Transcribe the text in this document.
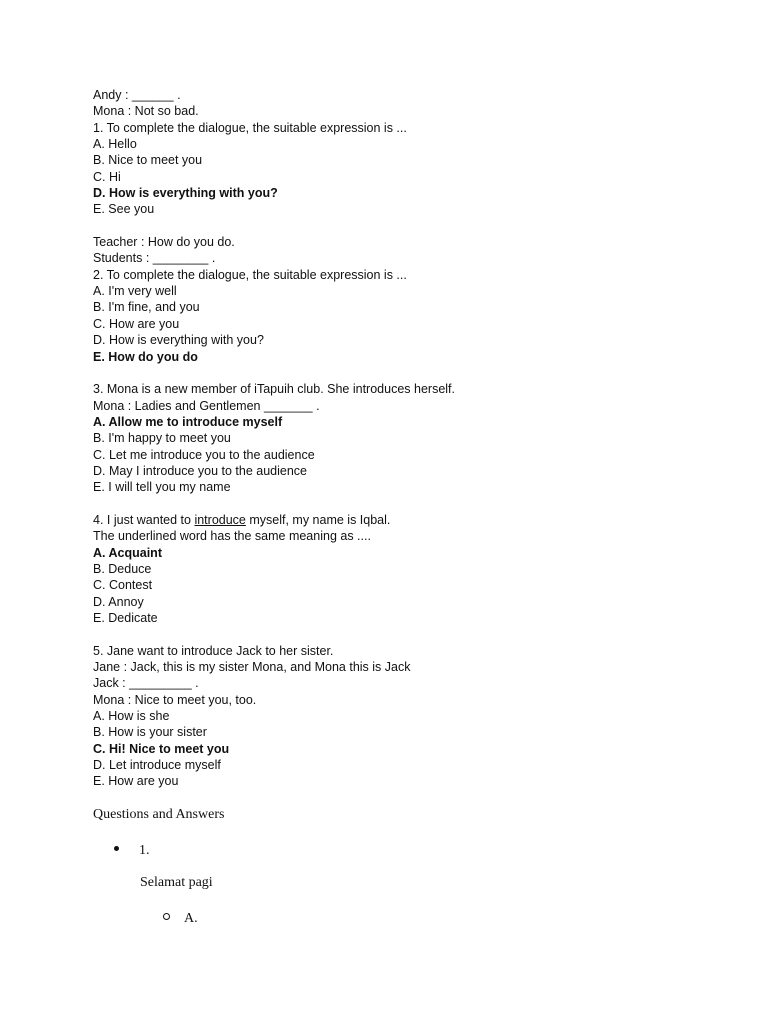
Andy : ______ .
Mona : Not so bad.
1. To complete the dialogue, the suitable expression is ...
A. Hello
B. Nice to meet you
C. Hi
D. How is everything with you?
E. See you
Teacher : How do you do.
Students : ________ .
2. To complete the dialogue, the suitable expression is ...
A. I'm very well
B. I'm fine, and you
C. How are you
D. How is everything with you?
E. How do you do
3. Mona is a new member of iTapuih club. She introduces herself.
Mona : Ladies and Gentlemen _______ .
A. Allow me to introduce myself
B. I'm happy to meet you
C. Let me introduce you to the audience
D. May I introduce you to the audience
E. I will tell you my name
4. I just wanted to introduce myself, my name is Iqbal.
The underlined word has the same meaning as ....
A. Acquaint
B. Deduce
C. Contest
D. Annoy
E. Dedicate
5. Jane want to introduce Jack to her sister.
Jane : Jack, this is my sister Mona, and Mona this is Jack
Jack : _________ .
Mona : Nice to meet you, too.
A. How is she
B. How is your sister
C. Hi! Nice to meet you
D. Let introduce myself
E. How are you
Questions and Answers
1.
Selamat pagi
A.
